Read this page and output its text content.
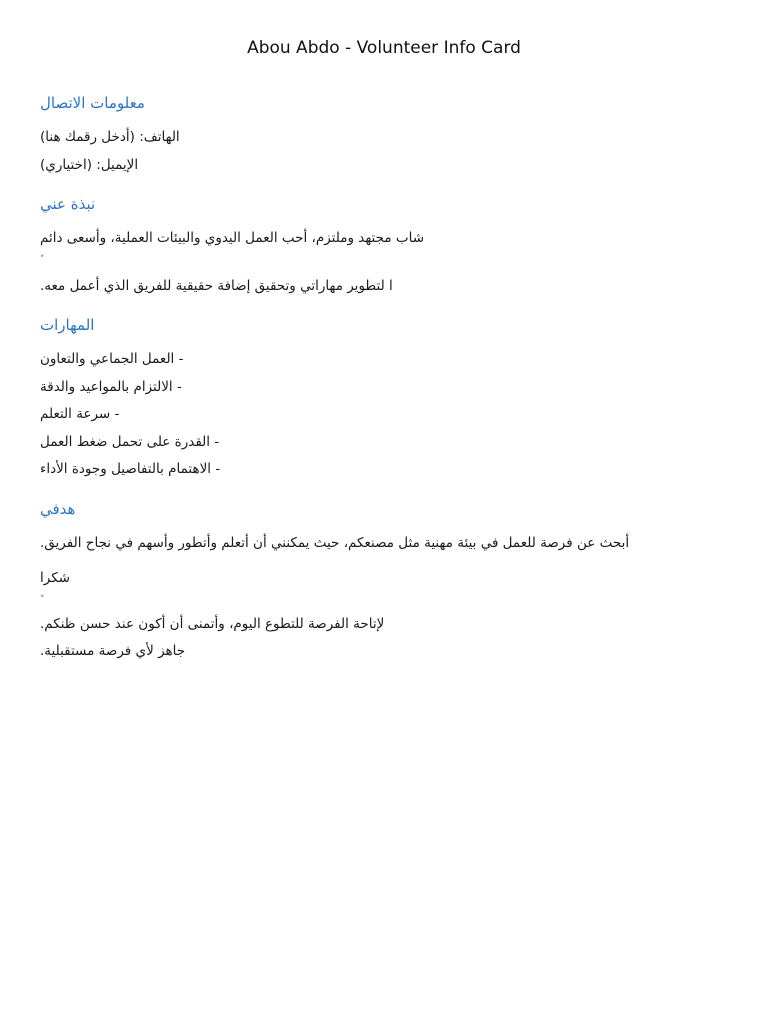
Abou Abdo - Volunteer Info Card

معلومات الاتصال

الهاتف: (أدخل رقمك هنا)

الإيميل: (اختياري)

نبذة عني

شاب مجتهد وملتزم، أحب العمل اليدوي والبيئات العملية، وأسعى دائم

ا لتطوير مهاراتي وتحقيق إضافة حقيقية للفريق الذي أعمل معه.

المهارات

- العمل الجماعي والتعاون

- الالتزام بالمواعيد والدقة

- سرعة التعلم

- القدرة على تحمل ضغط العمل

- الاهتمام بالتفاصيل وجودة الأداء

هدفي

أبحث عن فرصة للعمل في بيئة مهنية مثل مصنعكم، حيث يمكنني أن أتعلم وأتطور وأسهم في نجاح الفريق.

شكرا

لإتاحة الفرصة للتطوع اليوم، وأتمنى أن أكون عند حسن ظنكم.

جاهز لأي فرصة مستقبلية.
